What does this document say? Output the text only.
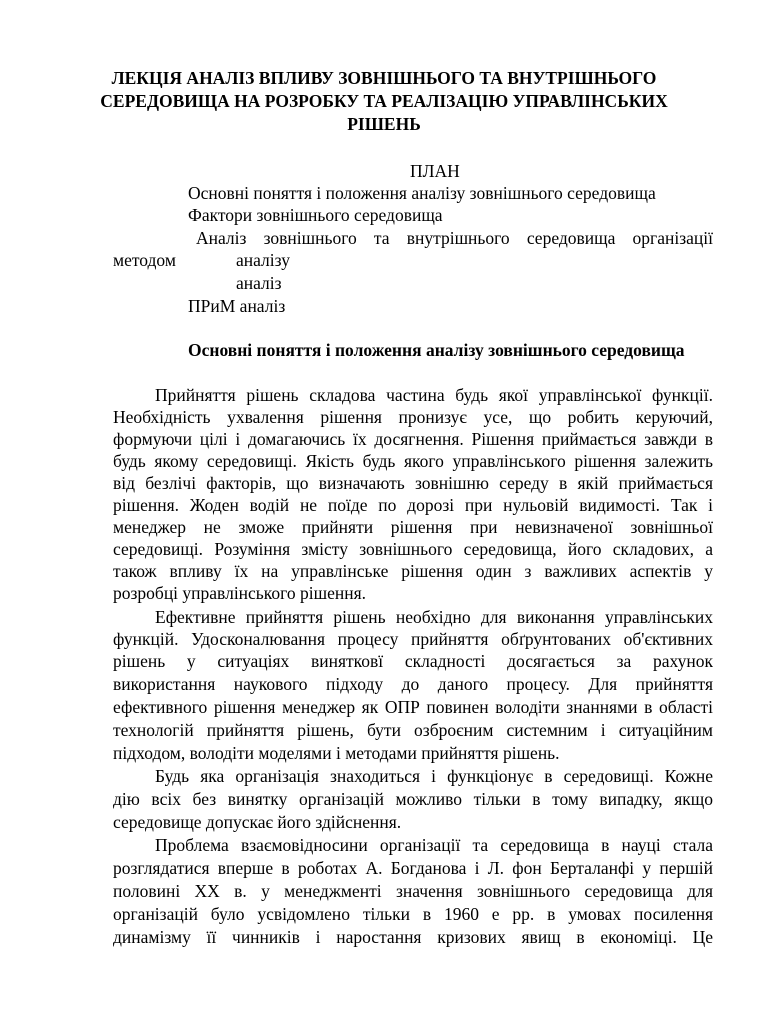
ЛЕКЦІЯ АНАЛІЗ ВПЛИВУ ЗОВНІШНЬОГО ТА ВНУТРІШНЬОГО

СЕРЕДОВИЩА НА РОЗРОБКУ ТА РЕАЛІЗАЦІЮ УПРАВЛІНСЬКИХ

РІШЕНЬ

ПЛАН

Основні поняття і положення аналізу зовнішнього середовища

Фактори зовнішнього середовища

Аналіз зовнішнього та внутрішнього середовища організації

методом	аналізу

аналіз

ПРиМ аналіз

Основні поняття і положення аналізу зовнішнього середовища

Прийняття рішень складова частина будь якої управлінської функції.

Необхідність ухвалення рішення пронизує усе, що робить керуючий,

формуючи цілі і домагаючись їх досягнення. Рішення приймається завжди в

будь якому середовищі. Якість будь якого управлінського рішення залежить

від безлічі факторів, що визначають зовнішню середу в якій приймається

рішення. Жоден водій не поїде по дорозі при нульовій видимості. Так і

менеджер не зможе прийняти рішення при невизначеної зовнішньої

середовищі. Розуміння змісту зовнішнього середовища, його складових, а

також впливу їх на управлінське рішення один з важливих аспектів у

розробці управлінського рішення.

Ефективне прийняття рішень необхідно для виконання управлінських

функцій. Удосконалювання процесу прийняття обґрунтованих об'єктивних

рішень у ситуаціях винятковї складності досягається за рахунок

використання наукового підходу до даного процесу. Для прийняття

ефективного рішення менеджер як ОПР повинен володіти знаннями в області

технологій прийняття рішень, бути озброєним системним і ситуаційним

підходом, володіти моделями і методами прийняття рішень.

Будь яка організація знаходиться і функціонує в середовищі. Кожне

дію всіх без винятку організацій можливо тільки в тому випадку, якщо

середовище допускає його здійснення.

Проблема взаємовідносини організації та середовища в науці стала

розглядатися вперше в роботах А. Богданова і Л. фон Берталанфі у першій

половині XX в. у менеджменті значення зовнішнього середовища для

організацій було усвідомлено тільки в 1960 е рр. в умовах посилення

динамізму її чинників і наростання кризових явищ в економіці. Це
